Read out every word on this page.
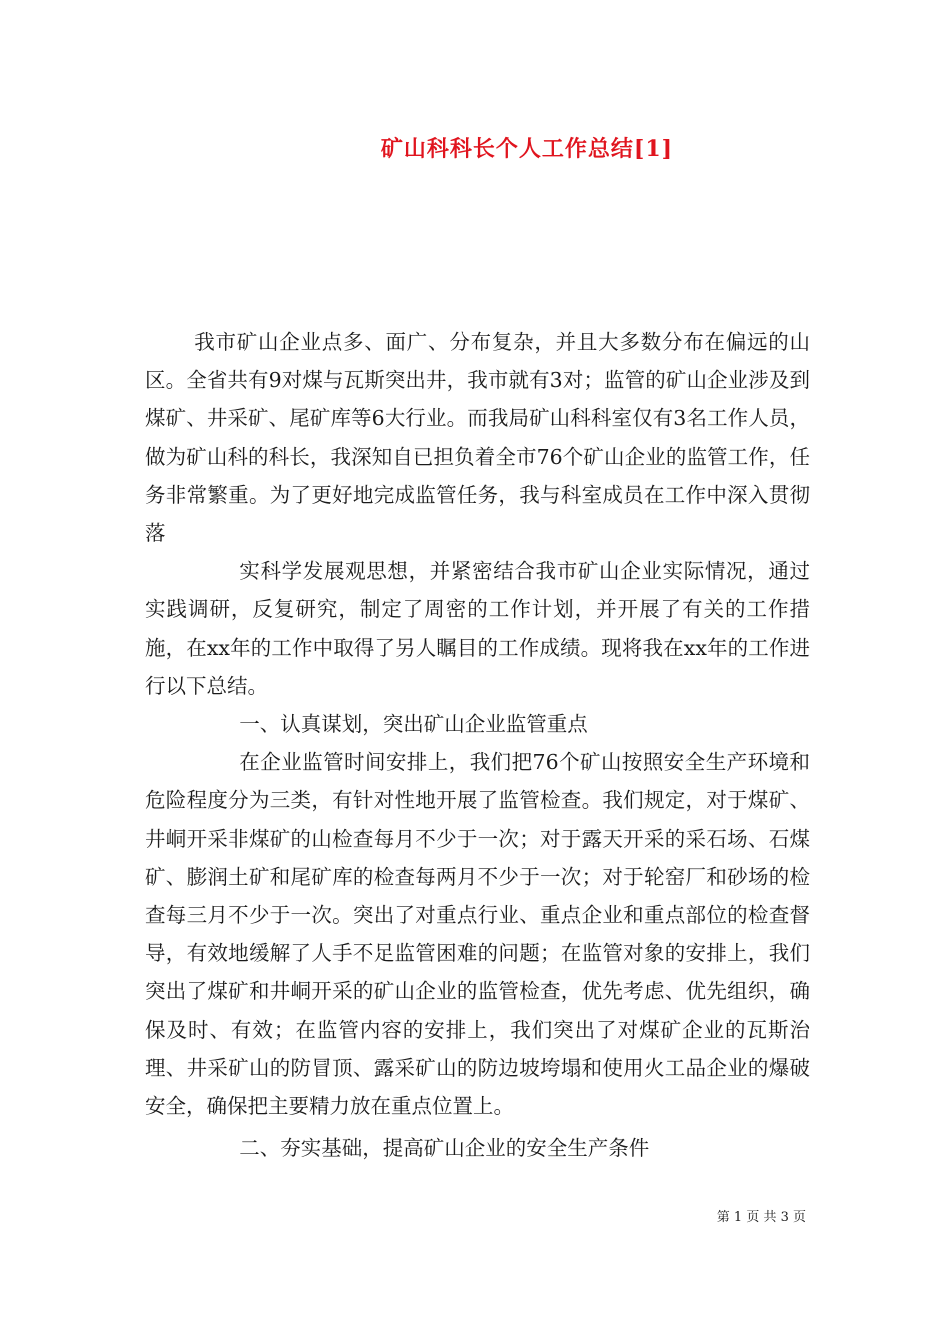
矿山科科长个人工作总结[1]

我市矿山企业点多、面广、分布复杂，并且大多数分布在偏远的山区。全省共有9对煤与瓦斯突出井，我市就有3对；监管的矿山企业涉及到煤矿、井采矿、尾矿库等6大行业。而我局矿山科科室仅有3名工作人员，做为矿山科的科长，我深知自已担负着全市76个矿山企业的监管工作，任务非常繁重。为了更好地完成监管任务，我与科室成员在工作中深入贯彻落

实科学发展观思想，并紧密结合我市矿山企业实际情况，通过实践调研，反复研究，制定了周密的工作计划，并开展了有关的工作措施，在xx年的工作中取得了另人瞩目的工作成绩。现将我在xx年的工作进行以下总结。

一、认真谋划，突出矿山企业监管重点

在企业监管时间安排上，我们把76个矿山按照安全生产环境和危险程度分为三类，有针对性地开展了监管检查。我们规定，对于煤矿、井峒开采非煤矿的山检查每月不少于一次；对于露天开采的采石场、石煤矿、膨润土矿和尾矿库的检查每两月不少于一次；对于轮窑厂和砂场的检查每三月不少于一次。突出了对重点行业、重点企业和重点部位的检查督导，有效地缓解了人手不足监管困难的问题；在监管对象的安排上，我们突出了煤矿和井峒开采的矿山企业的监管检查，优先考虑、优先组织，确保及时、有效；在监管内容的安排上，我们突出了对煤矿企业的瓦斯治理、井采矿山的防冒顶、露采矿山的防边坡垮塌和使用火工品企业的爆破安全，确保把主要精力放在重点位置上。

二、夯实基础，提高矿山企业的安全生产条件

第 1 页 共 3 页
